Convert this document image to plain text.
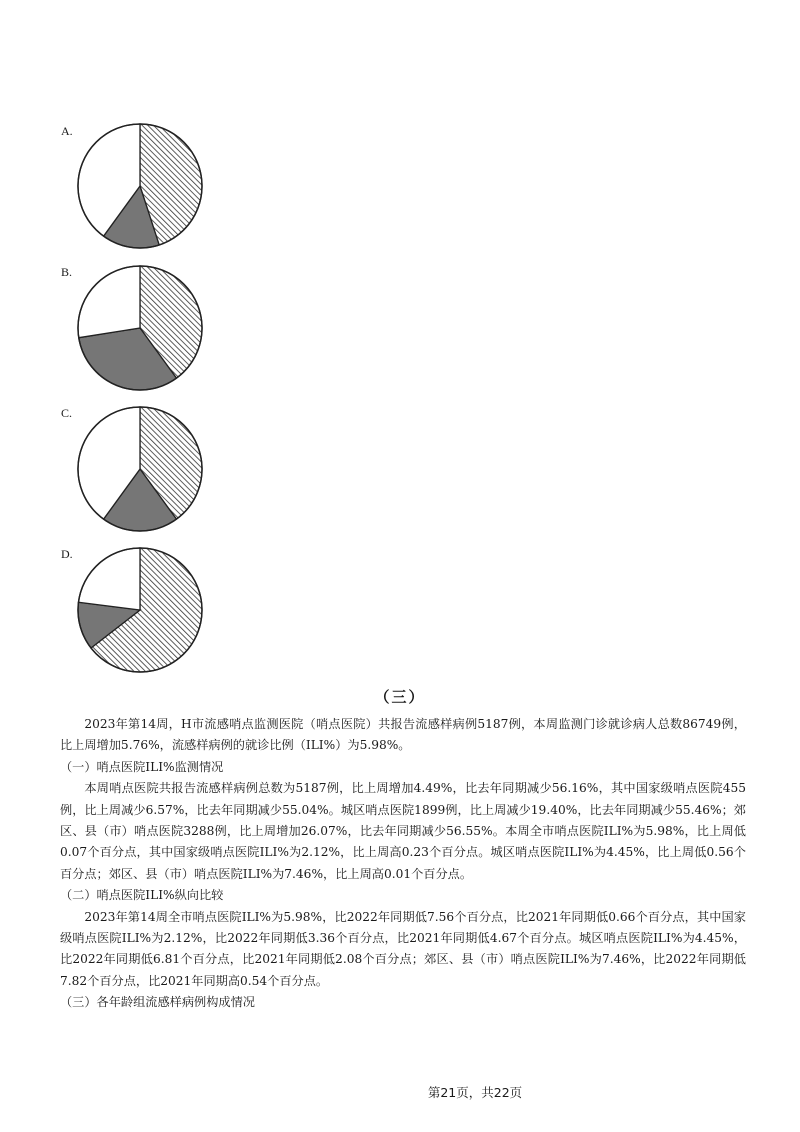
A.
B.
C.
D.
（三）

2023年第14周，H市流感哨点监测医院（哨点医院）共报告流感样病例5187例，本周监测门诊就诊病人总数86749例，比上周增加5.76%，流感样病例的就诊比例（ILI%）为5.98%。

（一）哨点医院ILI%监测情况

本周哨点医院共报告流感样病例总数为5187例，比上周增加4.49%，比去年同期减少56.16%，其中国家级哨点医院455例，比上周减少6.57%，比去年同期减少55.04%。城区哨点医院1899例，比上周减少19.40%，比去年同期减少55.46%；郊区、县（市）哨点医院3288例，比上周增加26.07%，比去年同期减少56.55%。本周全市哨点医院ILI%为5.98%，比上周低0.07个百分点，其中国家级哨点医院ILI%为2.12%，比上周高0.23个百分点。城区哨点医院ILI%为4.45%，比上周低0.56个百分点；郊区、县（市）哨点医院ILI%为7.46%，比上周高0.01个百分点。

（二）哨点医院ILI%纵向比较

2023年第14周全市哨点医院ILI%为5.98%，比2022年同期低7.56个百分点，比2021年同期低0.66个百分点，其中国家级哨点医院ILI%为2.12%，比2022年同期低3.36个百分点，比2021年同期低4.67个百分点。城区哨点医院ILI%为4.45%，比2022年同期低6.81个百分点，比2021年同期低2.08个百分点；郊区、县（市）哨点医院ILI%为7.46%，比2022年同期低7.82个百分点，比2021年同期高0.54个百分点。

（三）各年龄组流感样病例构成情况

第21页，共22页
